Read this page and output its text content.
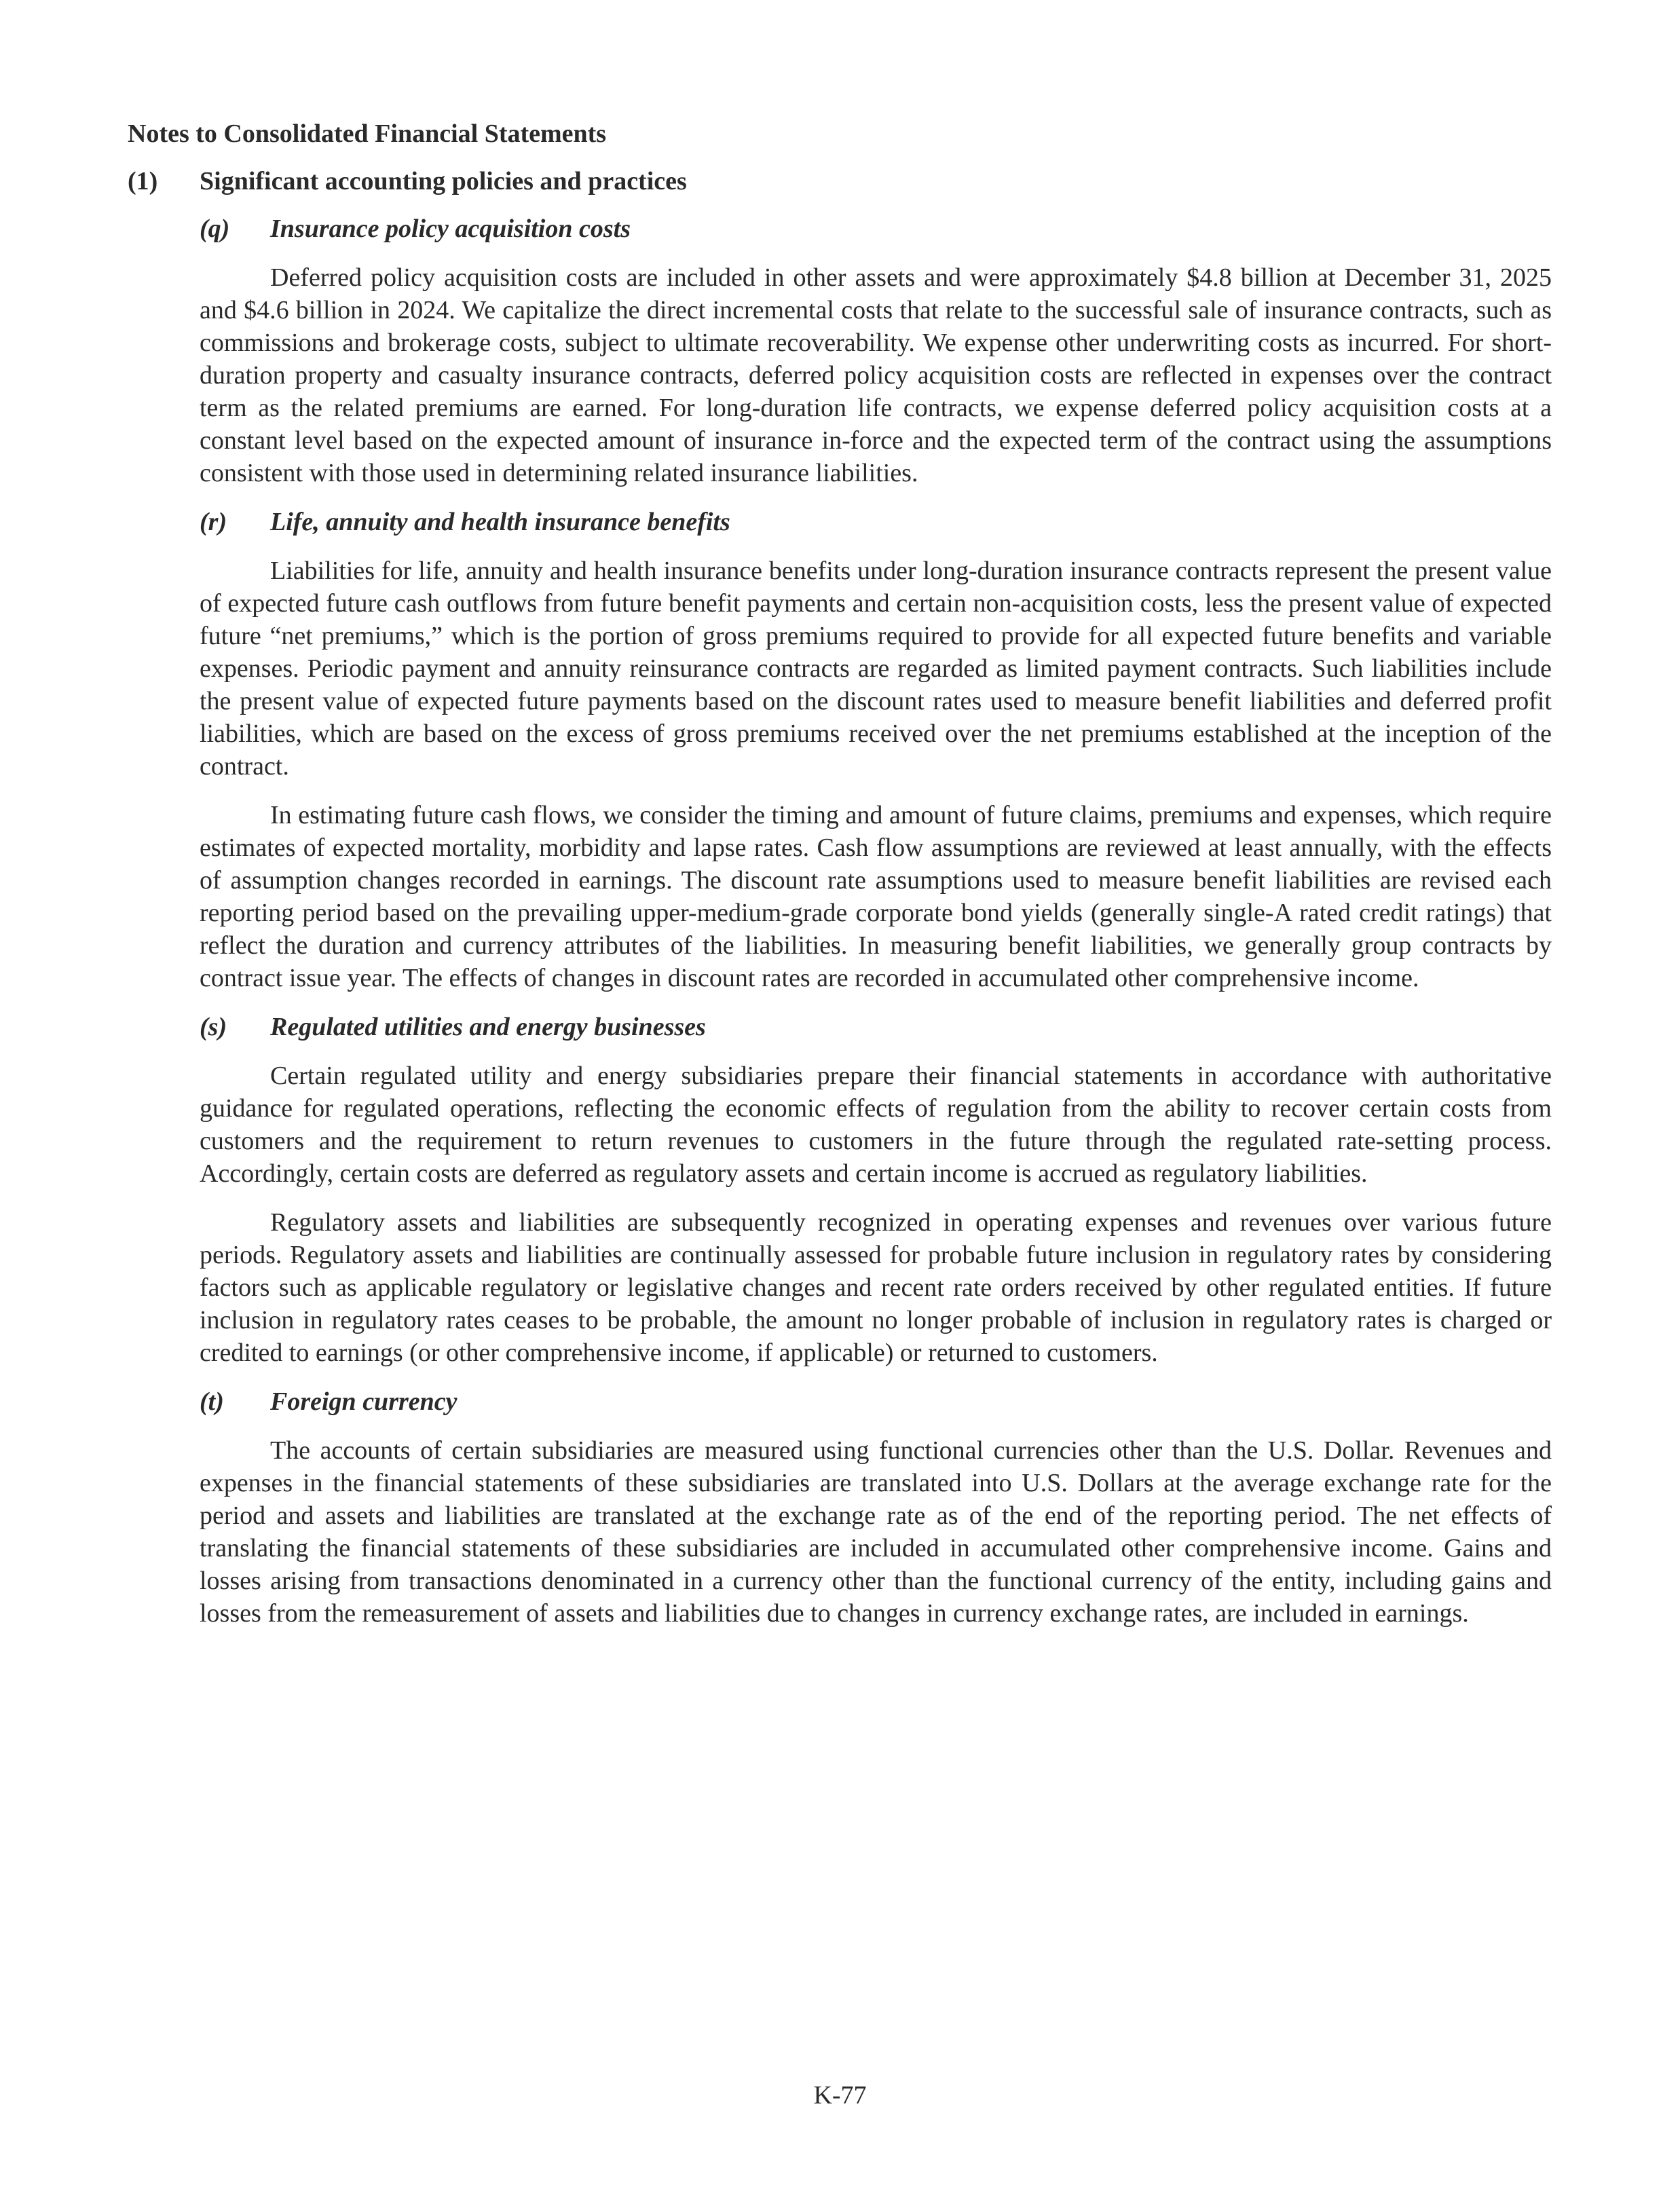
Notes to Consolidated Financial Statements
(1) Significant accounting policies and practices
(q) Insurance policy acquisition costs

Deferred policy acquisition costs are included in other assets and were approximately $4.8 billion at December 31, 2025 and $4.6 billion in 2024. We capitalize the direct incremental costs that relate to the successful sale of insurance contracts, such as commissions and brokerage costs, subject to ultimate recoverability. We expense other underwriting costs as incurred. For short-duration property and casualty insurance contracts, deferred policy acquisition costs are reflected in expenses over the contract term as the related premiums are earned. For long-duration life contracts, we expense deferred policy acquisition costs at a constant level based on the expected amount of insurance in-force and the expected term of the contract using the assumptions consistent with those used in determining related insurance liabilities.

(r) Life, annuity and health insurance benefits

Liabilities for life, annuity and health insurance benefits under long-duration insurance contracts represent the present value of expected future cash outflows from future benefit payments and certain non-acquisition costs, less the present value of expected future “net premiums,” which is the portion of gross premiums required to provide for all expected future benefits and variable expenses. Periodic payment and annuity reinsurance contracts are regarded as limited payment contracts. Such liabilities include the present value of expected future payments based on the discount rates used to measure benefit liabilities and deferred profit liabilities, which are based on the excess of gross premiums received over the net premiums established at the inception of the contract.

In estimating future cash flows, we consider the timing and amount of future claims, premiums and expenses, which require estimates of expected mortality, morbidity and lapse rates. Cash flow assumptions are reviewed at least annually, with the effects of assumption changes recorded in earnings. The discount rate assumptions used to measure benefit liabilities are revised each reporting period based on the prevailing upper-medium-grade corporate bond yields (generally single-A rated credit ratings) that reflect the duration and currency attributes of the liabilities. In measuring benefit liabilities, we generally group contracts by contract issue year. The effects of changes in discount rates are recorded in accumulated other comprehensive income.

(s) Regulated utilities and energy businesses

Certain regulated utility and energy subsidiaries prepare their financial statements in accordance with authoritative guidance for regulated operations, reflecting the economic effects of regulation from the ability to recover certain costs from customers and the requirement to return revenues to customers in the future through the regulated rate-setting process. Accordingly, certain costs are deferred as regulatory assets and certain income is accrued as regulatory liabilities.

Regulatory assets and liabilities are subsequently recognized in operating expenses and revenues over various future periods. Regulatory assets and liabilities are continually assessed for probable future inclusion in regulatory rates by considering factors such as applicable regulatory or legislative changes and recent rate orders received by other regulated entities. If future inclusion in regulatory rates ceases to be probable, the amount no longer probable of inclusion in regulatory rates is charged or credited to earnings (or other comprehensive income, if applicable) or returned to customers.

(t) Foreign currency

The accounts of certain subsidiaries are measured using functional currencies other than the U.S. Dollar. Revenues and expenses in the financial statements of these subsidiaries are translated into U.S. Dollars at the average exchange rate for the period and assets and liabilities are translated at the exchange rate as of the end of the reporting period. The net effects of translating the financial statements of these subsidiaries are included in accumulated other comprehensive income. Gains and losses arising from transactions denominated in a currency other than the functional currency of the entity, including gains and losses from the remeasurement of assets and liabilities due to changes in currency exchange rates, are included in earnings.

K-77
